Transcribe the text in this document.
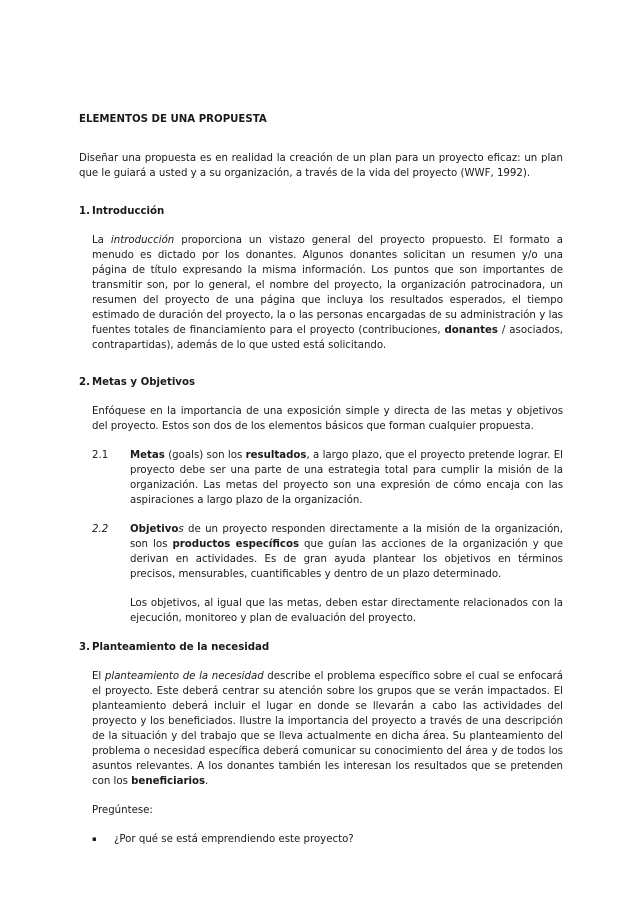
ELEMENTOS DE UNA PROPUESTA

Diseñar una propuesta es en realidad la creación de un plan para un proyecto eficaz: un plan que le guiará a usted y a su organización, a través de la vida del proyecto (WWF, 1992).

1. Introducción

La introducción proporciona un vistazo general del proyecto propuesto. El formato a menudo es dictado por los donantes. Algunos donantes solicitan un resumen y/o una página de título expresando la misma información. Los puntos que son importantes de transmitir son, por lo general, el nombre del proyecto, la organización patrocinadora, un resumen del proyecto de una página que incluya los resultados esperados, el tiempo estimado de duración del proyecto, la o las personas encargadas de su administración y las fuentes totales de financiamiento para el proyecto (contribuciones, donantes / asociados, contrapartidas), además de lo que usted está solicitando.

2. Metas y Objetivos

Enfóquese en la importancia de una exposición simple y directa de las metas y objetivos del proyecto. Estos son dos de los elementos básicos que forman cualquier propuesta.

2.1	Metas (goals) son los resultados, a largo plazo, que el proyecto pretende lograr. El proyecto debe ser una parte de una estrategia total para cumplir la misión de la organización. Las metas del proyecto son una expresión de cómo encaja con las aspiraciones a largo plazo de la organización.

2.2	Objetivos de un proyecto responden directamente a la misión de la organización, son los productos específicos que guían las acciones de la organización y que derivan en actividades. Es de gran ayuda plantear los objetivos en términos precisos, mensurables, cuantificables y dentro de un plazo determinado.

Los objetivos, al igual que las metas, deben estar directamente relacionados con la ejecución, monitoreo y plan de evaluación del proyecto.

3. Planteamiento de la necesidad

El planteamiento de la necesidad describe el problema específico sobre el cual se enfocará el proyecto. Este deberá centrar su atención sobre los grupos que se verán impactados. El planteamiento deberá incluir el lugar en donde se llevarán a cabo las actividades del proyecto y los beneficiados. Ilustre la importancia del proyecto a través de una descripción de la situación y del trabajo que se lleva actualmente en dicha área. Su planteamiento del problema o necesidad específica deberá comunicar su conocimiento del área y de todos los asuntos relevantes. A los donantes también les interesan los resultados que se pretenden con los beneficiarios.

Pregúntese:

▪	¿Por qué se está emprendiendo este proyecto?
